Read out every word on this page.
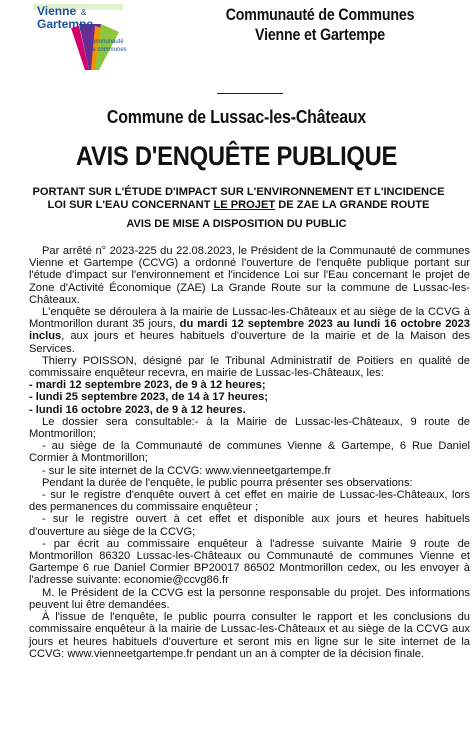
Vienne &
Gartempe
communauté
de communes
Communauté de Communes
Vienne et Gartempe
Commune de Lussac-les-Châteaux
AVIS D'ENQUÊTE PUBLIQUE
PORTANT SUR L'ÉTUDE D'IMPACT SUR L'ENVIRONNEMENT ET L'INCIDENCE
LOI SUR L'EAU CONCERNANT LE PROJET DE ZAE LA GRANDE ROUTE
AVIS DE MISE A DISPOSITION DU PUBLIC

Par arrêté n° 2023-225 du 22.08.2023, le Président de la Communauté de communes Vienne et Gartempe (CCVG) a ordonné l'ouverture de l'enquête publique portant sur l'étude d'impact sur l'environnement et l'incidence Loi sur l'Eau concernant le projet de Zone d'Activité Économique (ZAE) La Grande Route sur la commune de Lussac-les-Châteaux.

L'enquête se déroulera à la mairie de Lussac-les-Châteaux et au siège de la CCVG à Montmorillon durant 35 jours, du mardi 12 septembre 2023 au lundi 16 octobre 2023 inclus, aux jours et heures habituels d'ouverture de la mairie et de la Maison des Services.

Thierry POISSON, désigné par le Tribunal Administratif de Poitiers en qualité de commissaire enquêteur recevra, en mairie de Lussac-les-Châteaux, les:

- mardi 12 septembre 2023, de 9 à 12 heures;

- lundi 25 septembre 2023, de 14 à 17 heures;

- lundi 16 octobre 2023, de 9 à 12 heures.

Le dossier sera consultable:- à la Mairie de Lussac-les-Châteaux, 9 route de Montmorillon;

- au siège de la Communauté de communes Vienne & Gartempe, 6 Rue Daniel Cormier à Montmorillon;

- sur le site internet de la CCVG: www.vienneetgartempe.fr

Pendant la durée de l'enquête, le public pourra présenter ses observations:

- sur le registre d'enquête ouvert à cet effet en mairie de Lussac-les-Châteaux, lors des permanences du commissaire enquêteur ;

- sur le registre ouvert à cet effet et disponible aux jours et heures habituels d'ouverture au siège de la CCVG;

- par écrit au commissaire enquêteur à l'adresse suivante Mairie 9 route de Montmorillon 86320 Lussac-les-Châteaux ou Communauté de communes Vienne et Gartempe 6 rue Daniel Cormier BP20017 86502 Montmorillon cedex, ou les envoyer à l'adresse suivante: economie@ccvg86.fr

M. le Président de la CCVG est la personne responsable du projet. Des informations peuvent lui être demandées.

À l'issue de l'enquête, le public pourra consulter le rapport et les conclusions du commissaire enquêteur à la mairie de Lussac-les-Châteaux et au siège de la CCVG aux jours et heures habituels d'ouverture et seront mis en ligne sur le site internet de la CCVG: www.vienneetgartempe.fr pendant un an à compter de la décision finale.
